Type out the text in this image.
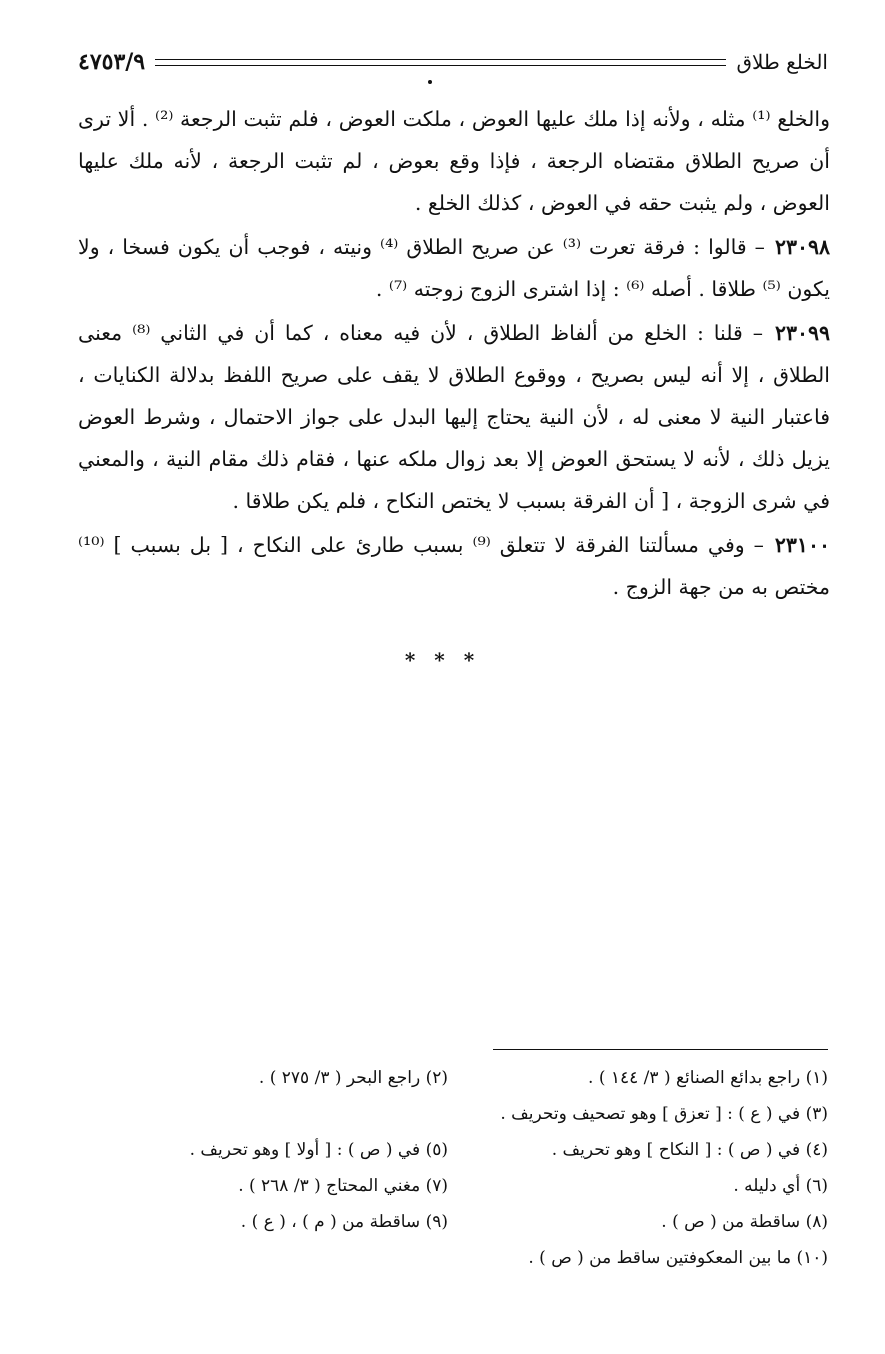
الخلع طلاق
٤٧٥٣/٩

والخلع ⁽¹⁾ مثله ، ولأنه إذا ملك عليها العوض ، ملكت العوض ، فلم تثبت الرجعة ⁽²⁾ . ألا ترى أن صريح الطلاق مقتضاه الرجعة ، فإذا وقع بعوض ، لم تثبت الرجعة ، لأنه ملك عليها العوض ، ولم يثبت حقه في العوض ، كذلك الخلع .

٢٣٠٩٨ – قالوا : فرقة تعرت ⁽³⁾ عن صريح الطلاق ⁽⁴⁾ ونيته ، فوجب أن يكون فسخا ، ولا يكون ⁽⁵⁾ طلاقا . أصله ⁽⁶⁾ : إذا اشترى الزوج زوجته ⁽⁷⁾ .

٢٣٠٩٩ – قلنا : الخلع من ألفاظ الطلاق ، لأن فيه معناه ، كما أن في الثاني ⁽⁸⁾ معنى الطلاق ، إلا أنه ليس بصريح ، ووقوع الطلاق لا يقف على صريح اللفظ بدلالة الكنايات ، فاعتبار النية لا معنى له ، لأن النية يحتاج إليها البدل على جواز الاحتمال ، وشرط العوض يزيل ذلك ، لأنه لا يستحق العوض إلا بعد زوال ملكه عنها ، فقام ذلك مقام النية ، والمعني في شرى الزوجة ، [ أن الفرقة بسبب لا يختص النكاح ، فلم يكن طلاقا .

٢٣١٠٠ – وفي مسألتنا الفرقة لا تتعلق ⁽⁹⁾ بسبب طارئ على النكاح ، [ بل بسبب ] ⁽¹⁰⁾ مختص به من جهة الزوج .

* * *
(١) راجع بدائع الصنائع ( ٣/ ١٤٤ ) .
(٢) راجع البحر ( ٣/ ٢٧٥ ) .
(٣) في ( ع ) : [ تعزق ] وهو تصحيف وتحريف .
(٤) في ( ص ) : [ النكاح ] وهو تحريف .
(٥) في ( ص ) : [ أولا ] وهو تحريف .
(٦) أي دليله .
(٧) مغني المحتاج ( ٣/ ٢٦٨ ) .
(٨) ساقطة من ( ص ) .
(٩) ساقطة من ( م ) ، ( ع ) .
(١٠) ما بين المعكوفتين ساقط من ( ص ) .
